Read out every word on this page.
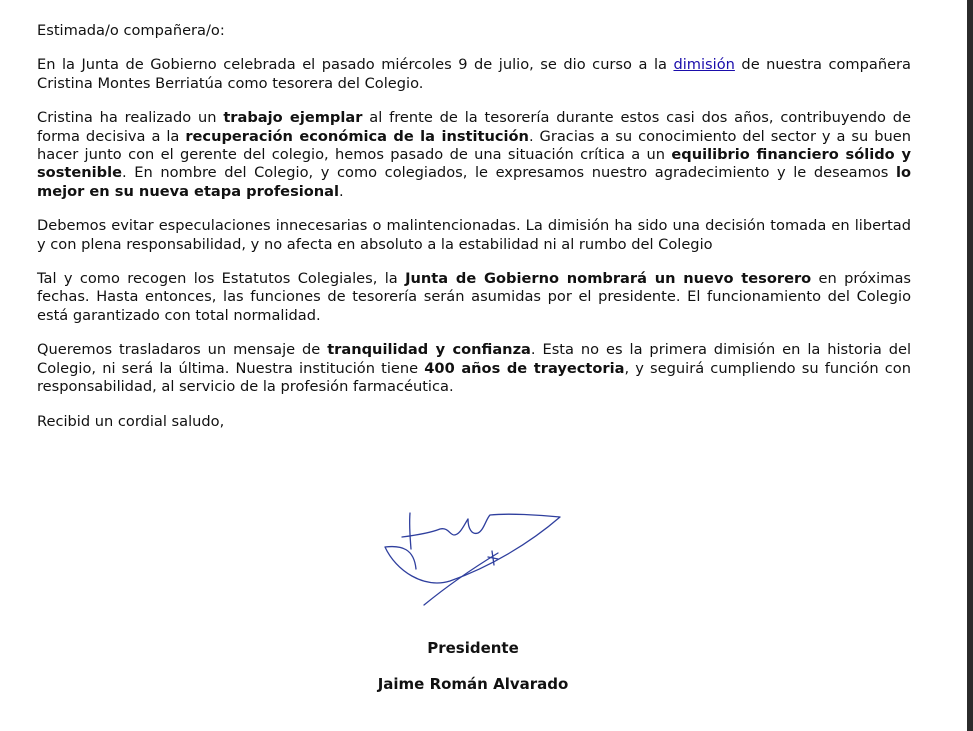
Estimada/o compañera/o:

En la Junta de Gobierno celebrada el pasado miércoles 9 de julio, se dio curso a la dimisión de nuestra compañera Cristina Montes Berriatúa como tesorera del Colegio.

Cristina ha realizado un trabajo ejemplar al frente de la tesorería durante estos casi dos años, contribuyendo de forma decisiva a la recuperación económica de la institución. Gracias a su conocimiento del sector y a su buen hacer junto con el gerente del colegio, hemos pasado de una situación crítica a un equilibrio financiero sólido y sostenible. En nombre del Colegio, y como colegiados, le expresamos nuestro agradecimiento y le deseamos lo mejor en su nueva etapa profesional.

Debemos evitar especulaciones innecesarias o malintencionadas. La dimisión ha sido una decisión tomada en libertad y con plena responsabilidad, y no afecta en absoluto a la estabilidad ni al rumbo del Colegio

Tal y como recogen los Estatutos Colegiales, la Junta de Gobierno nombrará un nuevo tesorero en próximas fechas. Hasta entonces, las funciones de tesorería serán asumidas por el presidente. El funcionamiento del Colegio está garantizado con total normalidad.

Queremos trasladaros un mensaje de tranquilidad y confianza. Esta no es la primera dimisión en la historia del Colegio, ni será la última. Nuestra institución tiene 400 años de trayectoria, y seguirá cumpliendo su función con responsabilidad, al servicio de la profesión farmacéutica.

Recibid un cordial saludo,

Presidente
Jaime Román Alvarado
